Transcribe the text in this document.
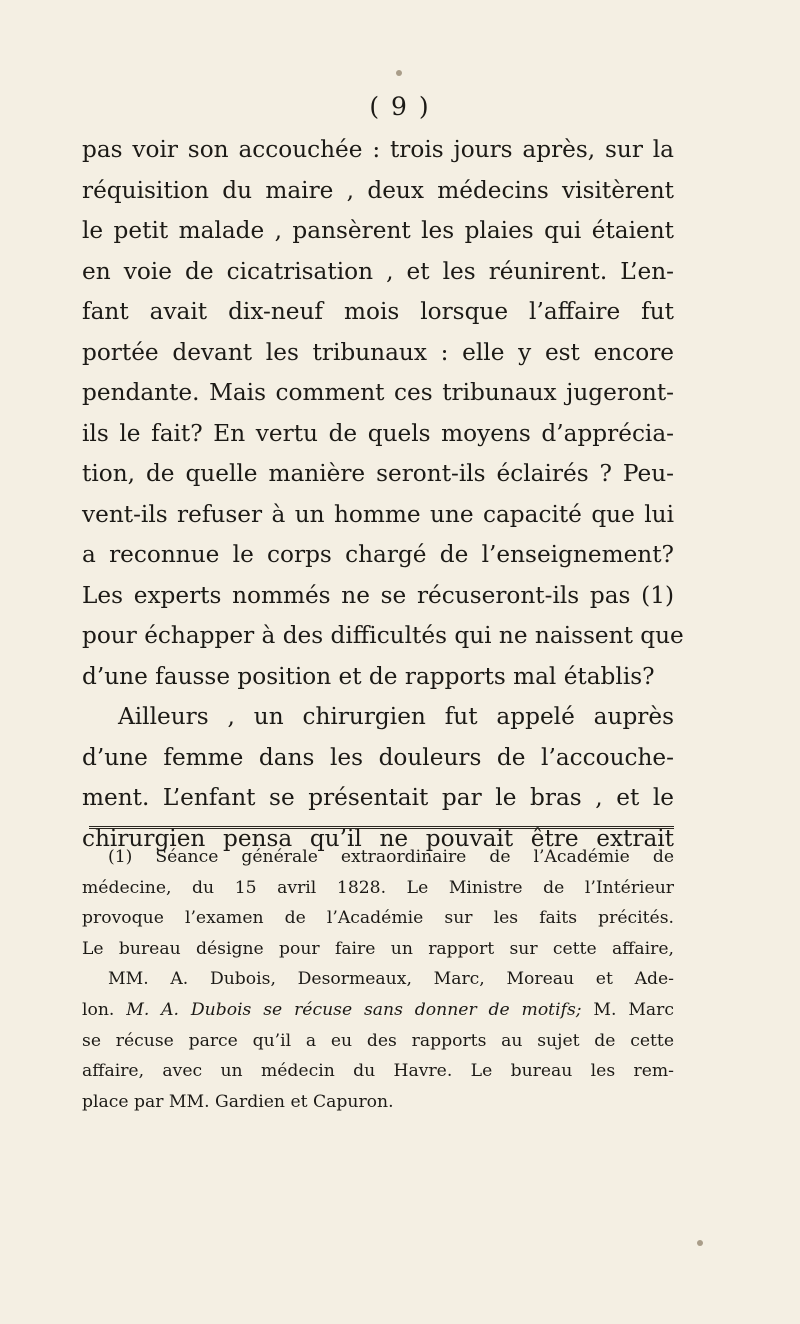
( 9 )
pas voir son accouchée : trois jours après, sur la
réquisition du maire , deux médecins visitèrent
le petit malade , pansèrent les plaies qui étaient
en voie de cicatrisation , et les réunirent. L’en-
fant avait dix-neuf mois lorsque l’affaire fut
portée devant les tribunaux : elle y est encore
pendante. Mais comment ces tribunaux jugeront-
ils le fait? En vertu de quels moyens d’apprécia-
tion, de quelle manière seront-ils éclairés ? Peu-
vent-ils refuser à un homme une capacité que lui
a reconnue le corps chargé de l’enseignement?
Les experts nommés ne se récuseront-ils pas (1)
pour échapper à des difficultés qui ne naissent que
d’une fausse position et de rapports mal établis?
Ailleurs , un chirurgien fut appelé auprès
d’une femme dans les douleurs de l’accouche-
ment. L’enfant se présentait par le bras , et le
chirurgien pensa qu’il ne pouvait être extrait
(1) Séance générale extraordinaire de l’Académie de
médecine, du 15 avril 1828. Le Ministre de l’Intérieur
provoque l’examen de l’Académie sur les faits précités.
Le bureau désigne pour faire un rapport sur cette affaire,
MM. A. Dubois, Desormeaux, Marc, Moreau et Ade-
lon. M. A. Dubois se récuse sans donner de motifs; M. Marc
se récuse parce qu’il a eu des rapports au sujet de cette
affaire, avec un médecin du Havre. Le bureau les rem-
place par MM. Gardien et Capuron.
